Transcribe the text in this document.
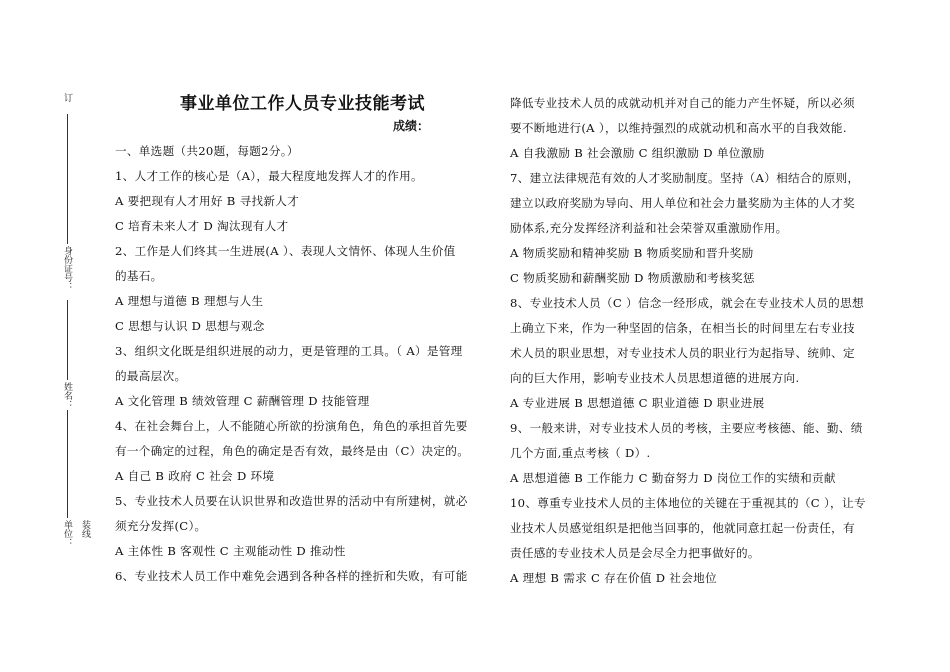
订
身份证号：
姓名：
单位： 装线
事业单位工作人员专业技能考试
成绩：
一、单选题（共20题，每题2分。）
1、人才工作的核心是（A），最大程度地发挥人才的作用。
A 要把现有人才用好 B 寻找新人才
C 培育未来人才 D 淘汰现有人才
2、工作是人们终其一生进展(A ）、表现人文情怀、体现人生价值
的基石。
A 理想与道德 B 理想与人生
C 思想与认识 D 思想与观念
3、组织文化既是组织进展的动力，更是管理的工具。（ A）是管理
的最高层次。
A 文化管理 B 绩效管理 C 薪酬管理 D 技能管理
4、在社会舞台上，人不能随心所欲的扮演角色，角色的承担首先要
有一个确定的过程，角色的确定是否有效，最终是由（C）决定的。
A 自己 B 政府 C 社会 D 环境
5、专业技术人员要在认识世界和改造世界的活动中有所建树，就必
须充分发挥(C）。
A 主体性 B 客观性 C 主观能动性 D 推动性
6、专业技术人员工作中难免会遇到各种各样的挫折和失败，有可能
降低专业技术人员的成就动机并对自己的能力产生怀疑，所以必须
要不断地进行(A ），以维持强烈的成就动机和高水平的自我效能.
A 自我激励 B 社会激励 C 组织激励 D 单位激励
7、建立法律规范有效的人才奖励制度。坚持（A）相结合的原则，
建立以政府奖励为导向、用人单位和社会力量奖励为主体的人才奖
励体系,充分发挥经济利益和社会荣誉双重激励作用。
A 物质奖励和精神奖励 B 物质奖励和晋升奖励
C 物质奖励和薪酬奖励 D 物质激励和考核奖惩
8、专业技术人员（C ）信念一经形成，就会在专业技术人员的思想
上确立下来，作为一种坚固的信条，在相当长的时间里左右专业技
术人员的职业思想，对专业技术人员的职业行为起指导、统帅、定
向的巨大作用，影响专业技术人员思想道德的进展方向.
A 专业进展 B 思想道德 C 职业道德 D 职业进展
9、一般来讲，对专业技术人员的考核，主要应考核德、能、勤、绩
几个方面,重点考核（ D）.
A 思想道德 B 工作能力 C 勤奋努力 D 岗位工作的实绩和贡献
10、尊重专业技术人员的主体地位的关键在于重视其的（C ），让专
业技术人员感觉组织是把他当回事的，他就同意扛起一份责任，有
责任感的专业技术人员是会尽全力把事做好的。
A 理想 B 需求 C 存在价值 D 社会地位
